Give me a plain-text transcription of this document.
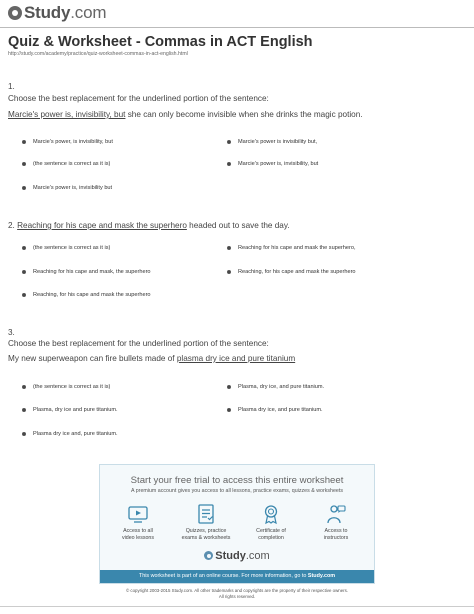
Study . com
Quiz & Worksheet - Commas in ACT English
http://study.com/academy/practice/quiz-worksheet-commas-in-act-english.html
1.
Choose the best replacement for the underlined portion of the sentence:
Marcie's power is, invisibility, but she can only become invisible when she drinks the magic potion.
Marcie's power, is invisibility, but	Marcie's power is invisibility but,
(the sentence is correct as it is)	Marcie's power is, invisibility, but
Marcie's power is, invisibility but
2. Reaching for his cape and mask the superhero headed out to save the day.
(the sentence is correct as it is)	Reaching for his cape and mask the superhero,
Reaching for his cape and mask, the superhero	Reaching, for his cape and mask the superhero
Reaching, for his cape and mask the superhero
3.
Choose the best replacement for the underlined portion of the sentence:
My new superweapon can fire bullets made of plasma dry ice and pure titanium
(the sentence is correct as it is)	Plasma, dry ice, and pure titanium.
Plasma, dry ice and pure titanium.	Plasma dry ice, and pure titanium.
Plasma dry ice and, pure titanium.
Start your free trial to access this entire worksheet
A premium account gives you access to all lessons, practice exams, quizzes & worksheets
Access to all
video lessons
Quizzes, practice
exams & worksheets
Certificate of
completion
Access to
instructors
Study.com
This worksheet is part of an online course. For more information, go to Study.com
© copyright 2003-2015 Study.com. All other trademarks and copyrights are the property of their respective owners.
All rights reserved.
